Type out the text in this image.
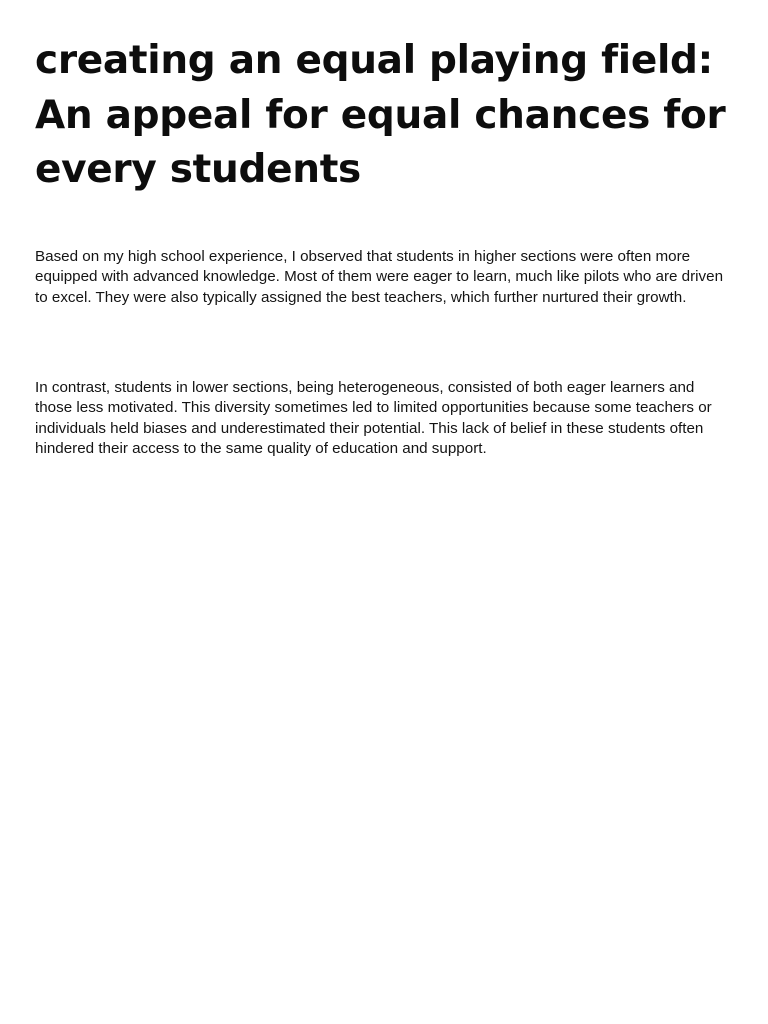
creating an equal playing field: An appeal for equal chances for every students

Based on my high school experience, I observed that students in higher sections were often more equipped with advanced knowledge. Most of them were eager to learn, much like pilots who are driven to excel. They were also typically assigned the best teachers, which further nurtured their growth.

In contrast, students in lower sections, being heterogeneous, consisted of both eager learners and those less motivated. This diversity sometimes led to limited opportunities because some teachers or individuals held biases and underestimated their potential. This lack of belief in these students often hindered their access to the same quality of education and support.
